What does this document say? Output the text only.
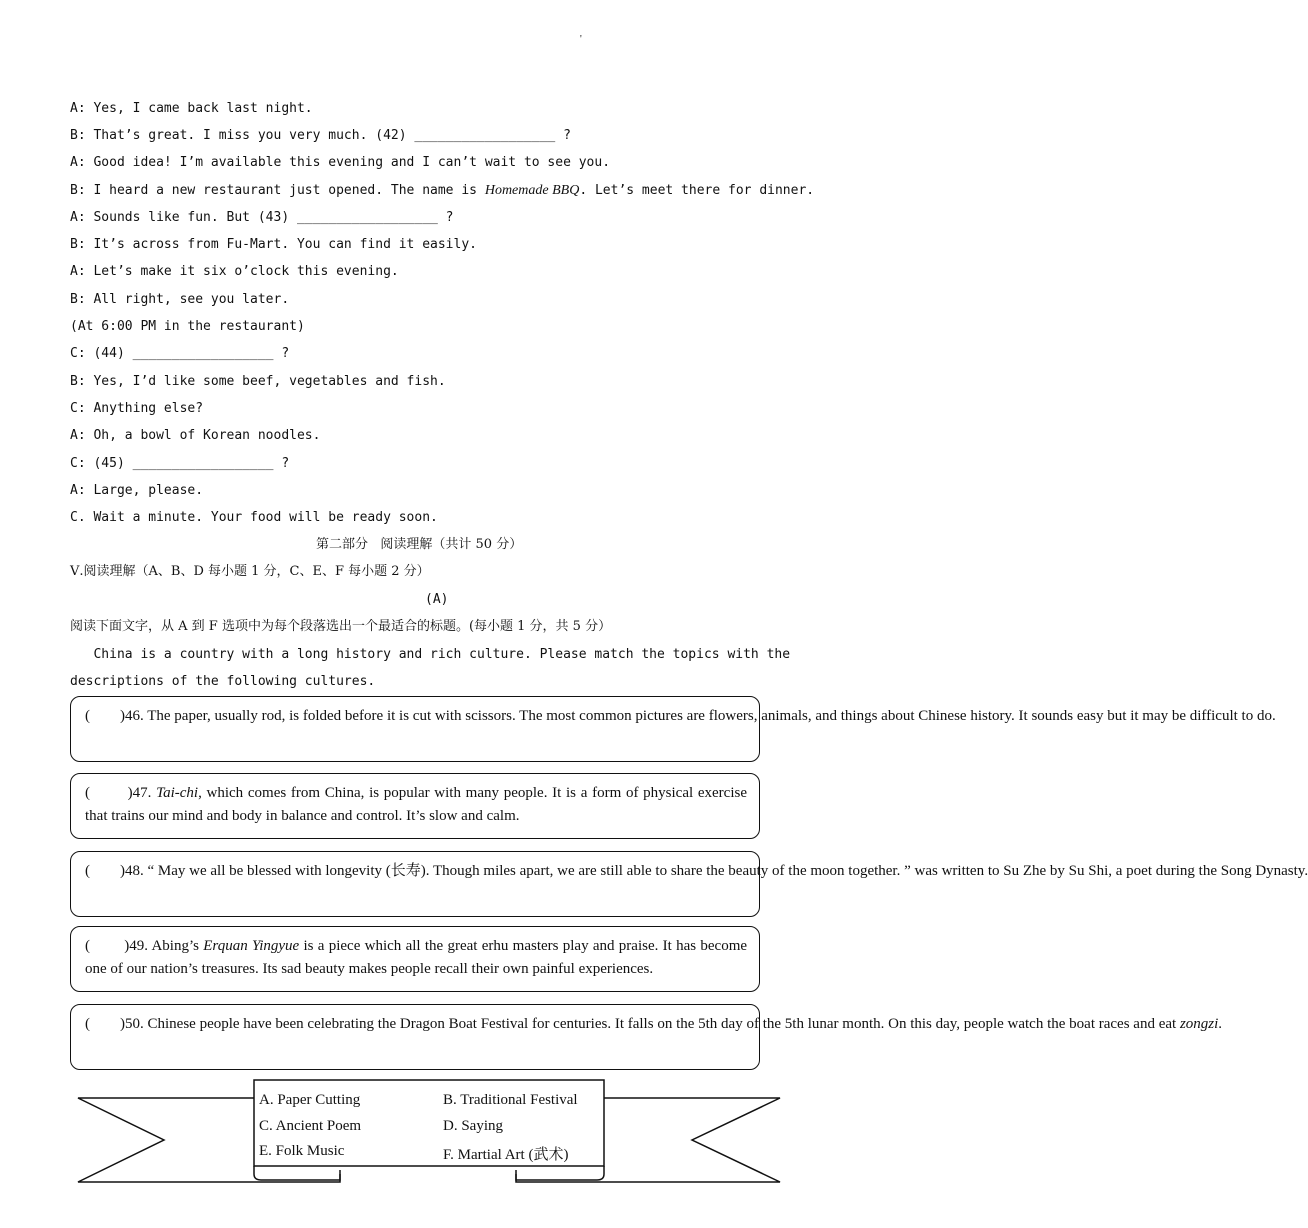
'
A: Yes, I came back last night.
B: That’s great. I miss you very much. (42) __________________ ?
A: Good idea! I’m available this evening and I can’t wait to see you.
B: I heard a new restaurant just opened. The name is Homemade BBQ. Let’s meet there for dinner.
A: Sounds like fun. But (43) __________________ ?
B: It’s across from Fu-Mart. You can find it easily.
A: Let’s make it six o’clock this evening.
B: All right, see you later.
(At 6:00 PM in the restaurant)
C: (44) __________________ ?
B: Yes, I’d like some beef, vegetables and fish.
C: Anything else?
A: Oh, a bowl of Korean noodles.
C: (45) __________________ ?
A: Large, please.
C. Wait a minute. Your food will be ready soon.
第二部分   阅读理解（共计 50 分）
Ⅴ.阅读理解（A、B、D 每小题 1 分，C、E、F 每小题 2 分）
(A)
阅读下面文字，从 A 到 F 选项中为每个段落选出一个最适合的标题。(每小题 1 分，共 5 分）
China is a country with a long history and rich culture. Please match the topics with the
descriptions of the following cultures.
(        )46. The paper, usually rod, is folded before it is cut with scissors. The most common pictures are flowers, animals, and things about Chinese history. It sounds easy but it may be difficult to do.
(        )47. Tai-chi, which comes from China, is popular with many people. It is a form of physical exercise that trains our mind and body in balance and control. It’s slow and calm.
(        )48. “ May we all be blessed with longevity (长寿). Though miles apart, we are still able to share the beauty of the moon together. ” was written to Su Zhe by Su Shi, a poet during the Song Dynasty.
(        )49. Abing’s Erquan Yingyue is a piece which all the great erhu masters play and praise. It has become one of our nation’s treasures. Its sad beauty makes people recall their own painful experiences.
(        )50. Chinese people have been celebrating the Dragon Boat Festival for centuries. It falls on the 5th day of the 5th lunar month. On this day, people watch the boat races and eat zongzi.
A. Paper Cutting	B. Traditional Festival
C. Ancient Poem	D. Saying
E. Folk Music	F. Martial Art (武术)
